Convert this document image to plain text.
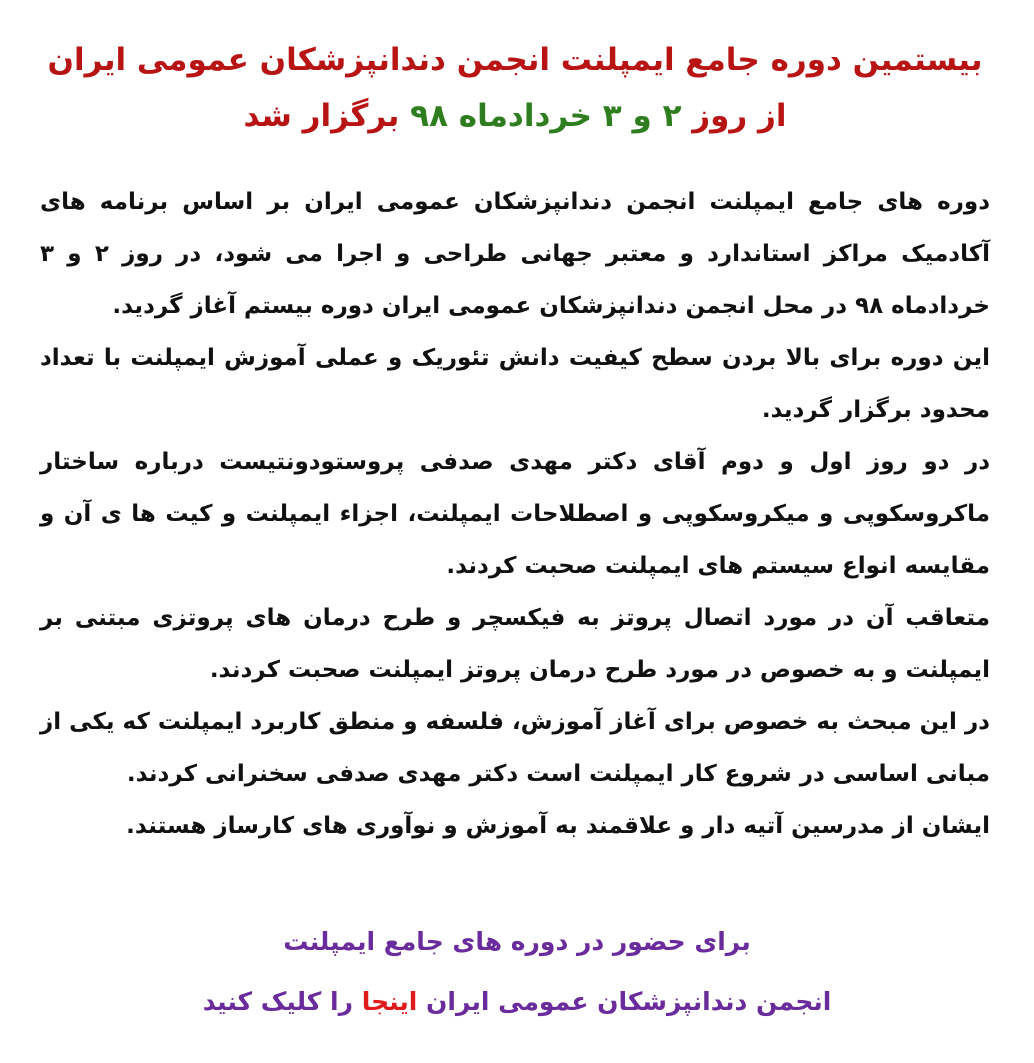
بیستمین دوره جامع ایمپلنت انجمن دندانپزشکان عمومی ایران
از روز ۲ و ۳ خردادماه ۹۸ برگزار شد

دوره های جامع ایمپلنت انجمن دندانپزشکان عمومی ایران بر اساس برنامه های آکادمیک مراکز استاندارد و معتبر جهانی طراحی و اجرا می شود، در روز ۲ و ۳ خردادماه ۹۸ در محل انجمن دندانپزشکان عمومی ایران دوره بیستم آغاز گردید.

این دوره برای بالا بردن سطح کیفیت دانش تئوریک و عملی آموزش ایمپلنت با تعداد محدود برگزار گردید.

در دو روز اول و دوم آقای دکتر مهدی صدفی پروستودونتیست درباره ساختار ماکروسکوپی و میکروسکوپی و اصطلاحات ایمپلنت، اجزاء ایمپلنت و کیت ها ی آن و مقایسه انواع سیستم های ایمپلنت صحبت کردند.

متعاقب آن در مورد اتصال پروتز به فیکسچر و طرح درمان های پروتزی مبتنی بر ایمپلنت و به خصوص در مورد طرح درمان پروتز ایمپلنت صحبت کردند.

در این مبحث به خصوص برای آغاز آموزش، فلسفه و منطق کاربرد ایمپلنت که یکی از مبانی اساسی در شروع کار ایمپلنت است دکتر مهدی صدفی سخنرانی کردند.

ایشان از مدرسین آتیه دار و علاقمند به آموزش و نوآوری های کارساز هستند.

برای حضور در دوره های جامع ایمپلنت

انجمن دندانپزشکان عمومی ایران اینجا را کلیک کنید
